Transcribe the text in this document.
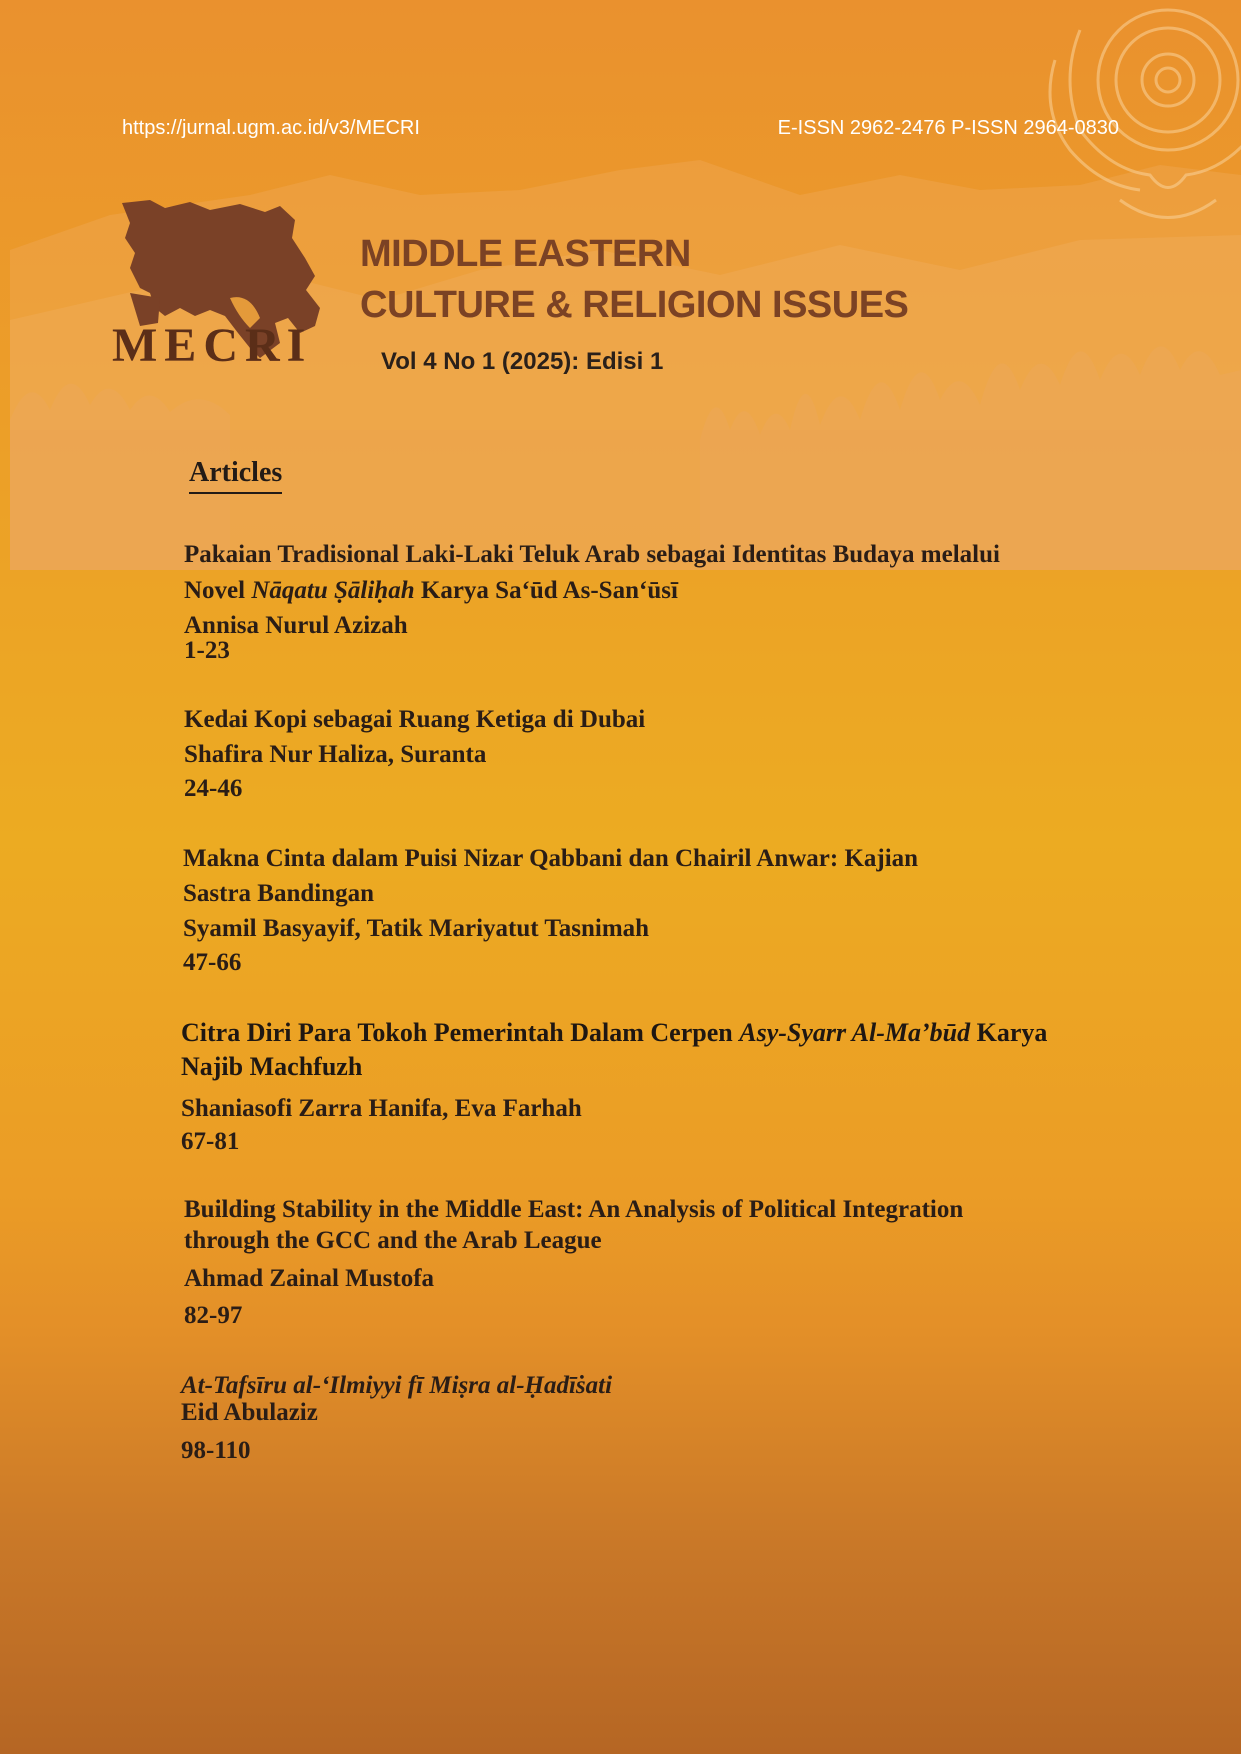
https://jurnal.ugm.ac.id/v3/MECRI	E-ISSN 2962-2476 P-ISSN 2964-0830
MECRI
MIDDLE EASTERN
CULTURE & RELIGION ISSUES
Vol 4 No 1 (2025): Edisi 1
Articles
Pakaian Tradisional Laki-Laki Teluk Arab sebagai Identitas Budaya melalui
Novel Nāqatu Ṣāliḥah Karya Sa‘ūd As-San‘ūsī
Annisa Nurul Azizah
1-23
Kedai Kopi sebagai Ruang Ketiga di Dubai
Shafira Nur Haliza, Suranta
24-46
Makna Cinta dalam Puisi Nizar Qabbani dan Chairil Anwar: Kajian
Sastra Bandingan
Syamil Basyayif, Tatik Mariyatut Tasnimah
47-66
Citra Diri Para Tokoh Pemerintah Dalam Cerpen Asy-Syarr Al-Ma’būd Karya
Najib Machfuzh
Shaniasofi Zarra Hanifa, Eva Farhah
67-81
Building Stability in the Middle East: An Analysis of Political Integration
through the GCC and the Arab League
Ahmad Zainal Mustofa
82-97
At-Tafsīru al-‘Ilmiyyi fī Miṣra al-Ḥadīṡati
Eid Abulaziz
98-110
